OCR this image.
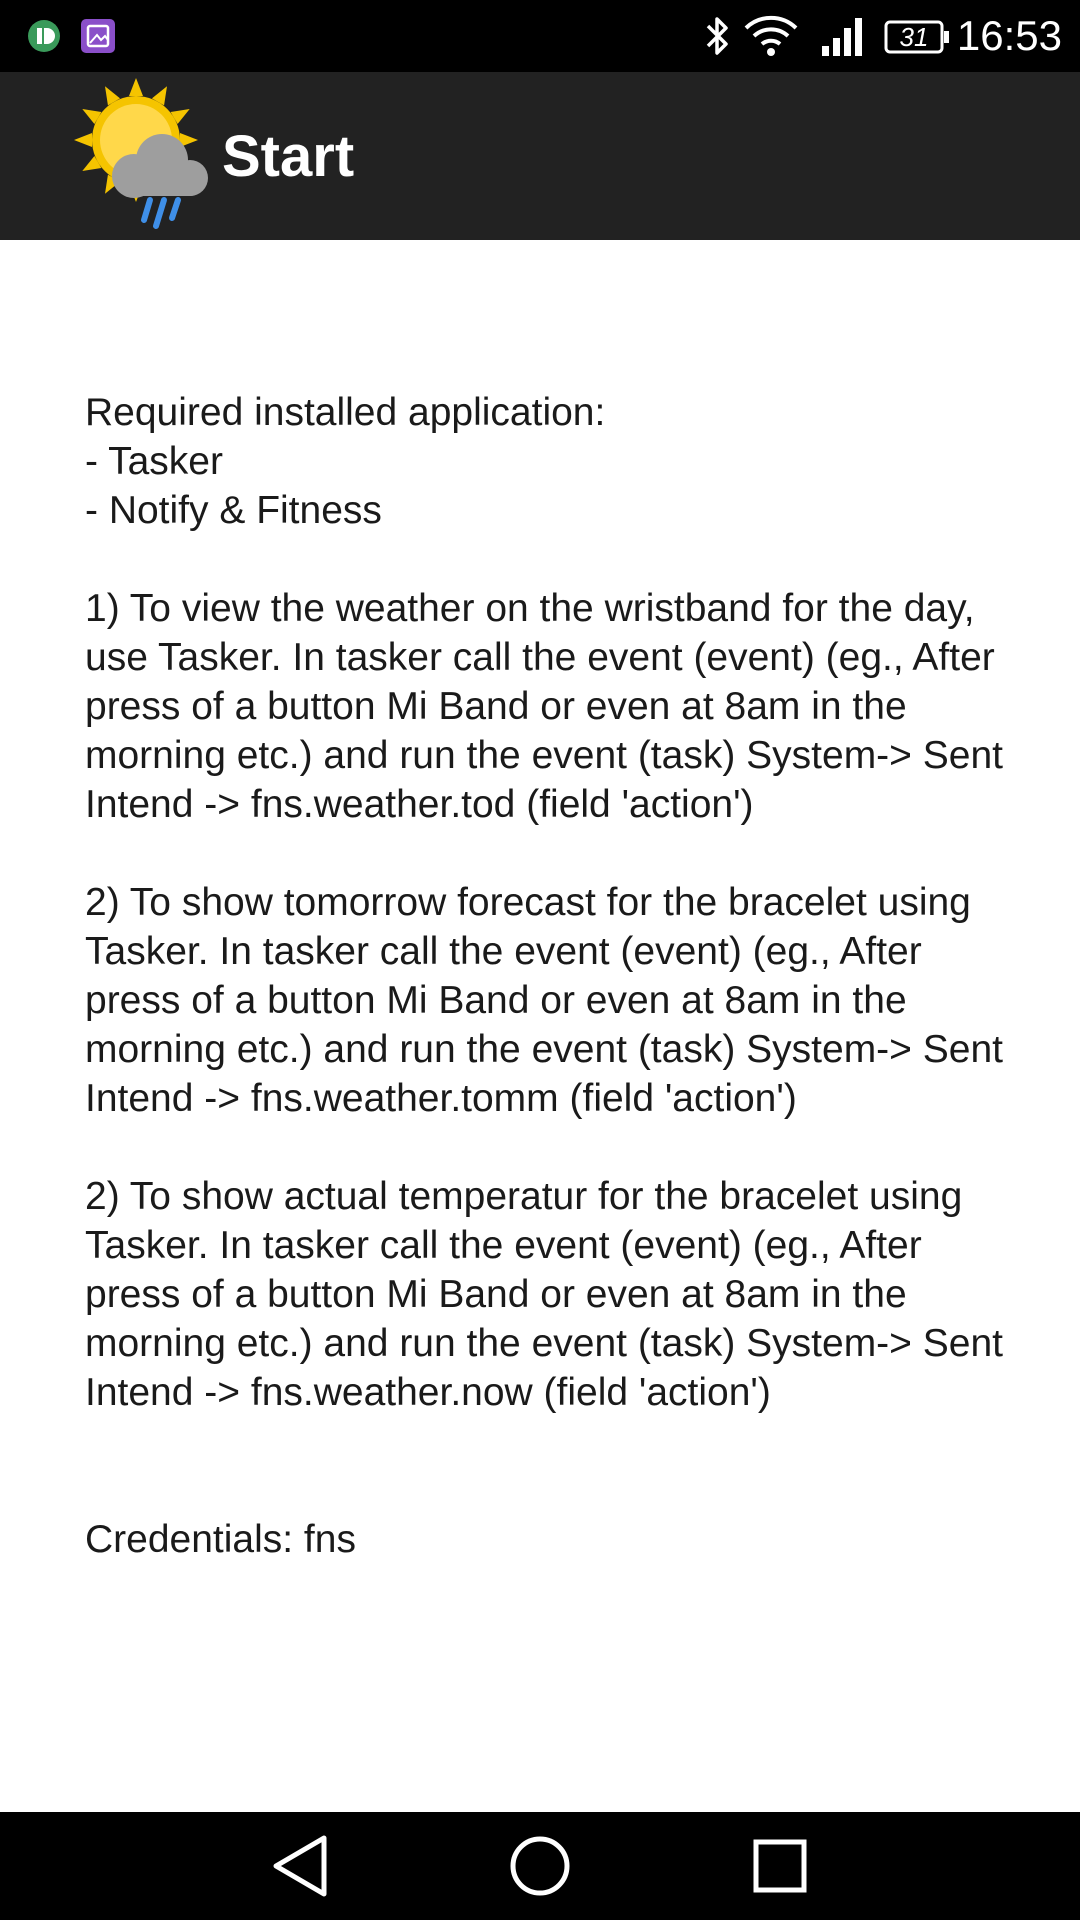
31 16:53
Start

Required installed application:
- Tasker
- Notify & Fitness

1) To view the weather on the wristband for the day, use Tasker. In tasker call the event (event) (eg., After press of a button Mi Band or even at 8am in the morning etc.) and run the event (task) System-> Sent Intend -> fns.weather.tod (field 'action')

2) To show tomorrow forecast for the bracelet using Tasker. In tasker call the event (event) (eg., After press of a button Mi Band or even at 8am in the morning etc.) and run the event (task) System-> Sent Intend -> fns.weather.tomm (field 'action')

2) To show actual temperatur for the bracelet using Tasker. In tasker call the event (event) (eg., After press of a button Mi Band or even at 8am in the morning etc.) and run the event (task) System-> Sent Intend -> fns.weather.now (field 'action')

Credentials: fns
